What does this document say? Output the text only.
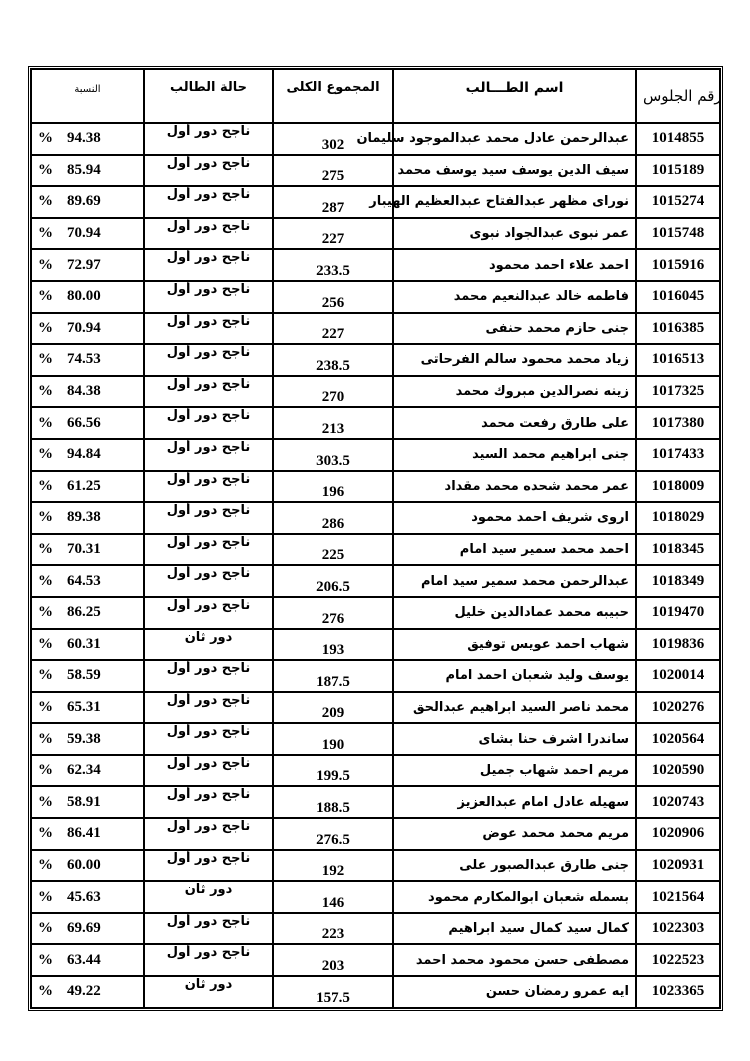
النسبة	حالة الطالب	المجموع الكلى	اسم الطـــالب	رقم الجلوس
% 94.38	ناجح دور أول	302	عبدالرحمن عادل محمد عبدالموجود سليمان	1014855
% 85.94	ناجح دور أول	275	سيف الدين يوسف سيد يوسف محمد	1015189
% 89.69	ناجح دور أول	287	نوراى مظهر عبدالفتاح عبدالعظيم الهيبار	1015274
% 70.94	ناجح دور أول	227	عمر نبوى عبدالجواد نبوى	1015748
% 72.97	ناجح دور أول	233.5	احمد علاء احمد محمود	1015916
% 80.00	ناجح دور أول	256	فاطمه خالد عبدالنعيم محمد	1016045
% 70.94	ناجح دور أول	227	جنى حازم محمد حنفى	1016385
% 74.53	ناجح دور أول	238.5	زياد محمد محمود سالم الفرحاتى	1016513
% 84.38	ناجح دور أول	270	زينه نصرالدين مبروك محمد	1017325
% 66.56	ناجح دور أول	213	على طارق رفعت محمد	1017380
% 94.84	ناجح دور أول	303.5	جنى ابراهيم محمد السيد	1017433
% 61.25	ناجح دور أول	196	عمر محمد شحده محمد مقداد	1018009
% 89.38	ناجح دور أول	286	اروى شريف احمد محمود	1018029
% 70.31	ناجح دور أول	225	احمد محمد سمير سيد امام	1018345
% 64.53	ناجح دور أول	206.5	عبدالرحمن محمد سمير سيد امام	1018349
% 86.25	ناجح دور أول	276	حبيبه محمد عمادالدين خليل	1019470
% 60.31	دور ثان	193	شهاب احمد عويس توفيق	1019836
% 58.59	ناجح دور أول	187.5	يوسف وليد شعبان احمد امام	1020014
% 65.31	ناجح دور أول	209	محمد ناصر السيد ابراهيم عبدالحق	1020276
% 59.38	ناجح دور أول	190	ساندرا اشرف حنا بشاى	1020564
% 62.34	ناجح دور أول	199.5	مريم احمد شهاب جميل	1020590
% 58.91	ناجح دور أول	188.5	سهيله عادل امام عبدالعزيز	1020743
% 86.41	ناجح دور أول	276.5	مريم محمد محمد عوض	1020906
% 60.00	ناجح دور أول	192	جنى طارق عبدالصبور على	1020931
% 45.63	دور ثان	146	بسمله شعبان ابوالمكارم محمود	1021564
% 69.69	ناجح دور أول	223	كمال سيد كمال سيد ابراهيم	1022303
% 63.44	ناجح دور أول	203	مصطفى حسن محمود محمد احمد	1022523
% 49.22	دور ثان	157.5	ايه عمرو رمضان حسن	1023365
